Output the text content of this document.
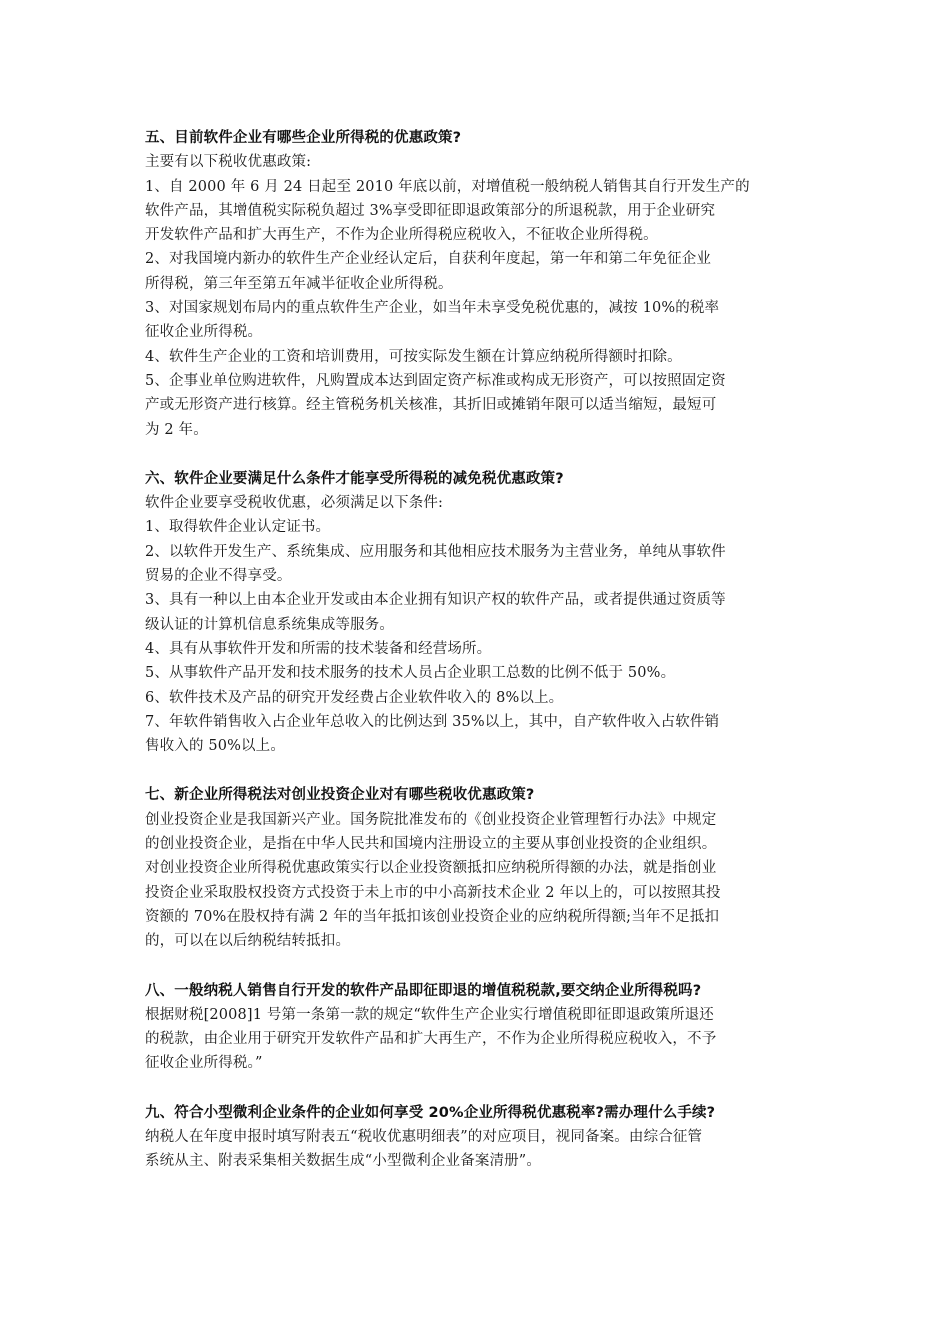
五、目前软件企业有哪些企业所得税的优惠政策?
主要有以下税收优惠政策:
1、自 2000 年 6 月 24 日起至 2010 年底以前，对增值税一般纳税人销售其自行开发生产的
软件产品，其增值税实际税负超过 3%享受即征即退政策部分的所退税款，用于企业研究
开发软件产品和扩大再生产，不作为企业所得税应税收入，不征收企业所得税。
2、对我国境内新办的软件生产企业经认定后，自获利年度起，第一年和第二年免征企业
所得税，第三年至第五年减半征收企业所得税。
3、对国家规划布局内的重点软件生产企业，如当年未享受免税优惠的，减按 10%的税率
征收企业所得税。
4、软件生产企业的工资和培训费用，可按实际发生额在计算应纳税所得额时扣除。
5、企事业单位购进软件，凡购置成本达到固定资产标准或构成无形资产，可以按照固定资
产或无形资产进行核算。经主管税务机关核准，其折旧或摊销年限可以适当缩短，最短可
为 2 年。
六、软件企业要满足什么条件才能享受所得税的减免税优惠政策?
软件企业要享受税收优惠，必须满足以下条件:
1、取得软件企业认定证书。
2、以软件开发生产、系统集成、应用服务和其他相应技术服务为主营业务，单纯从事软件
贸易的企业不得享受。
3、具有一种以上由本企业开发或由本企业拥有知识产权的软件产品，或者提供通过资质等
级认证的计算机信息系统集成等服务。
4、具有从事软件开发和所需的技术装备和经营场所。
5、从事软件产品开发和技术服务的技术人员占企业职工总数的比例不低于 50%。
6、软件技术及产品的研究开发经费占企业软件收入的 8%以上。
7、年软件销售收入占企业年总收入的比例达到 35%以上，其中，自产软件收入占软件销
售收入的 50%以上。
七、新企业所得税法对创业投资企业对有哪些税收优惠政策?
创业投资企业是我国新兴产业。国务院批准发布的《创业投资企业管理暂行办法》中规定
的创业投资企业，是指在中华人民共和国境内注册设立的主要从事创业投资的企业组织。
对创业投资企业所得税优惠政策实行以企业投资额抵扣应纳税所得额的办法，就是指创业
投资企业采取股权投资方式投资于未上市的中小高新技术企业 2 年以上的，可以按照其投
资额的 70%在股权持有满 2 年的当年抵扣该创业投资企业的应纳税所得额;当年不足抵扣
的，可以在以后纳税结转抵扣。
八、一般纳税人销售自行开发的软件产品即征即退的增值税税款,要交纳企业所得税吗?
根据财税[2008]1 号第一条第一款的规定“软件生产企业实行增值税即征即退政策所退还
的税款，由企业用于研究开发软件产品和扩大再生产，不作为企业所得税应税收入，不予
征收企业所得税。”
九、符合小型微利企业条件的企业如何享受 20%企业所得税优惠税率?需办理什么手续?
纳税人在年度申报时填写附表五“税收优惠明细表”的对应项目，视同备案。由综合征管
系统从主、附表采集相关数据生成“小型微利企业备案清册”。
